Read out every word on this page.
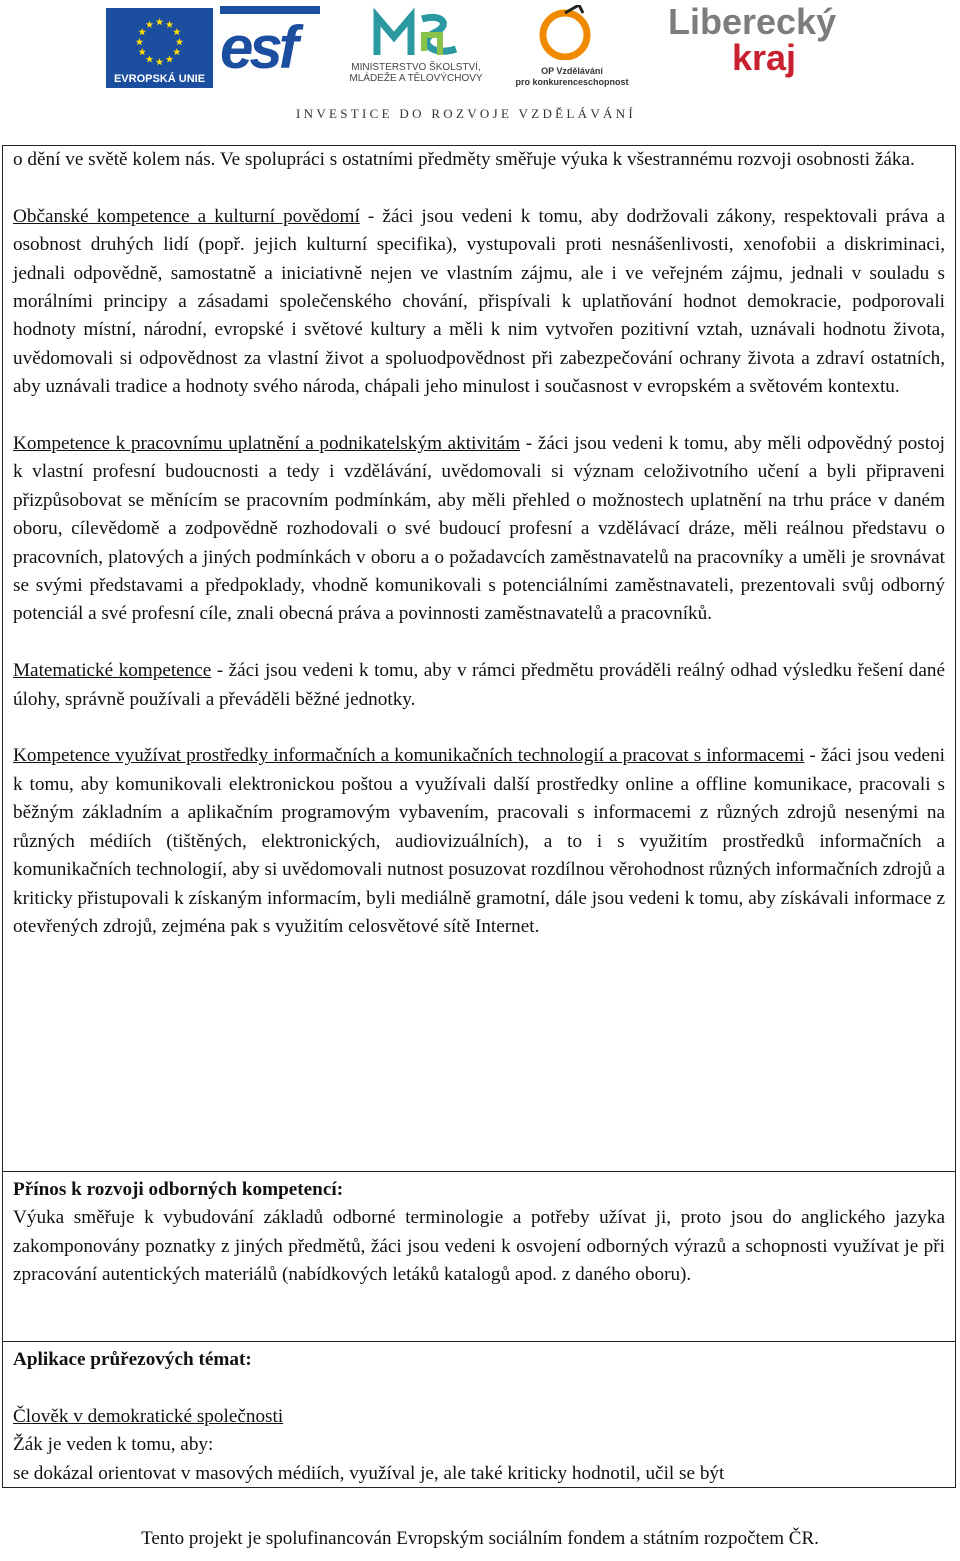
EVROPSKÁ UNIE esf	MINISTERSTVO ŠKOLSTVÍ,
MLÁDEŽE A TĚLOVÝCHOVY
OP Vzdělávání
pro konkurenceschopnost
Liberecký
kraj
INVESTICE DO ROZVOJE VZDĚLÁVÁNÍ

o dění ve světě kolem nás. Ve spolupráci s ostatními předměty směřuje výuka k všestrannému rozvoji osobnosti žáka.

Občanské kompetence a kulturní povědomí - žáci jsou vedeni k tomu, aby dodržovali zákony, respektovali práva a osobnost druhých lidí (popř. jejich kulturní specifika), vystupovali proti nesnášenlivosti, xenofobii a diskriminaci, jednali odpovědně, samostatně a iniciativně nejen ve vlastním zájmu, ale i ve veřejném zájmu, jednali v souladu s morálními principy a zásadami společenského chování, přispívali k uplatňování hodnot demokracie, podporovali hodnoty místní, národní, evropské i světové kultury a měli k nim vytvořen pozitivní vztah, uznávali hodnotu života, uvědomovali si odpovědnost za vlastní život a spoluodpovědnost při zabezpečování ochrany života a zdraví ostatních, aby uznávali tradice a hodnoty svého národa, chápali jeho minulost i současnost v evropském a světovém kontextu.

Kompetence k pracovnímu uplatnění a podnikatelským aktivitám - žáci jsou vedeni k tomu, aby měli odpovědný postoj k vlastní profesní budoucnosti a tedy i vzdělávání, uvědomovali si význam celoživotního učení a byli připraveni přizpůsobovat se měnícím se pracovním podmínkám, aby měli přehled o možnostech uplatnění na trhu práce v daném oboru, cílevědomě a zodpovědně rozhodovali o své budoucí profesní a vzdělávací dráze, měli reálnou představu o pracovních, platových a jiných podmínkách v oboru a o požadavcích zaměstnavatelů na pracovníky a uměli je srovnávat se svými představami a předpoklady, vhodně komunikovali s potenciálními zaměstnavateli, prezentovali svůj odborný potenciál a své profesní cíle, znali obecná práva a povinnosti zaměstnavatelů a pracovníků.

Matematické kompetence - žáci jsou vedeni k tomu, aby v rámci předmětu prováděli reálný odhad výsledku řešení dané úlohy, správně používali a převáděli běžné jednotky.

Kompetence využívat prostředky informačních a komunikačních technologií a pracovat s informacemi - žáci jsou vedeni k tomu, aby komunikovali elektronickou poštou a využívali další prostředky online a offline komunikace, pracovali s běžným základním a aplikačním programovým vybavením, pracovali s informacemi z různých zdrojů nesenými na různých médiích (tištěných, elektronických, audiovizuálních), a to i s využitím prostředků informačních a komunikačních technologií, aby si uvědomovali nutnost posuzovat rozdílnou věrohodnost různých informačních zdrojů a kriticky přistupovali k získaným informacím, byli mediálně gramotní, dále jsou vedeni k tomu, aby získávali informace z otevřených zdrojů, zejména pak s využitím celosvětové sítě Internet.

Přínos k rozvoji odborných kompetencí:

Výuka směřuje k vybudování základů odborné terminologie a potřeby užívat ji, proto jsou do anglického jazyka zakomponovány poznatky z jiných předmětů, žáci jsou vedeni k osvojení odborných výrazů a schopnosti využívat je při zpracování autentických materiálů (nabídkových letáků katalogů apod. z daného oboru).

Aplikace průřezových témat:

Člověk v demokratické společnosti

Žák je veden k tomu, aby:

se dokázal orientovat v masových médiích, využíval je, ale také kriticky hodnotil, učil se být

Tento projekt je spolufinancován Evropským sociálním fondem a státním rozpočtem ČR.
